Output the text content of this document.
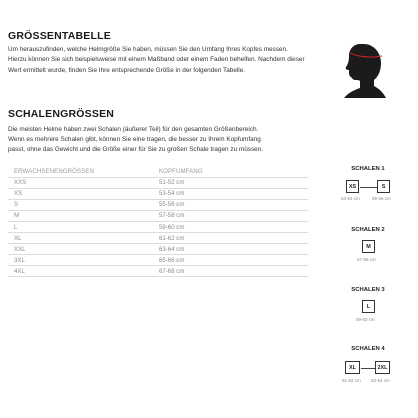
GRÖSSENTABELLE
Um herauszufinden, welche Helmgröße Sie haben, müssen Sie den Umfang Ihres Kopfes messen. Hierzu können Sie sich beispielsweise mit einem Maßband oder einem Faden behelfen. Nachdem dieser Wert ermittelt wurde, finden Sie Ihre entsprechende Größe in der folgenden Tabelle.
SCHALENGRÖSSEN
Die meisten Helme haben zwei Schalen (äußerer Teil) für den gesamten Größenbereich. Wenn es mehrere Schalen gibt, können Sie eine tragen, die besser zu Ihrem Kopfumfang passt, ohne das Gewicht und die Größe einer für Sie zu großen Schale tragen zu müssen.
ERWACHSENENGRÖSSEN	KOPFUMFANG
XXS	51-52 cm
XS	53-54 cm
S	55-56 cm
M	57-58 cm
L	59-60 cm
XL	61-62 cm
XXL	63-64 cm
3XL	65-66 cm
4XL	67-68 cm
SCHALEN 1
XS	S
53-54 cm	55-56 cm
SCHALEN 2
M
57-58 cm
SCHALEN 3
L
59-60 cm
SCHALEN 4
XL	2XL
61-62 cm 63-64 cm
